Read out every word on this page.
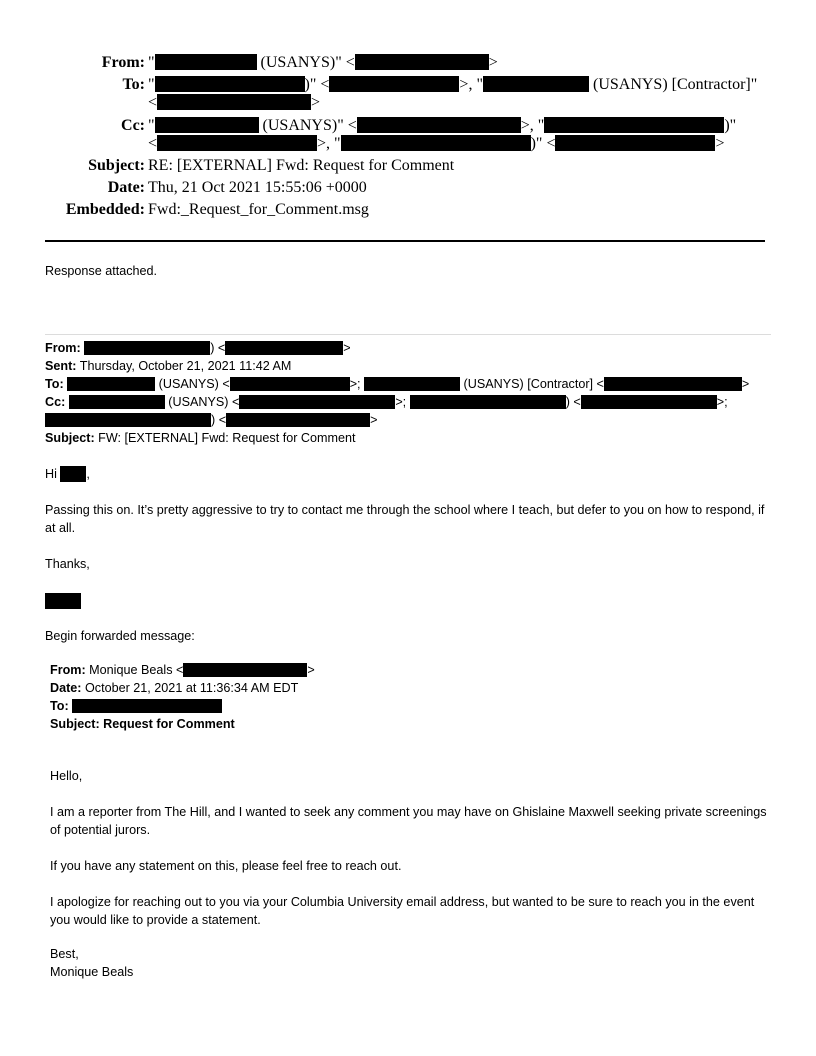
From: "	(USANYS)" <	>
To: "	)" <	>, "	(USANYS) [Contractor]"
<	>
Cc: "	(USANYS)" <	>, "	)"
<	>, "	)" <	>
Subject: RE: [EXTERNAL] Fwd: Request for Comment
Date: Thu, 21 Oct 2021 15:55:06 +0000
Embedded: Fwd:_Request_for_Comment.msg
Response attached.
From:	) <	>
Sent: Thursday, October 21, 2021 11:42 AM
To:	(USANYS) <	>;	(USANYS) [Contractor] <	>
Cc:	(USANYS) <	>;	) <	>;
) <	>
Subject: FW: [EXTERNAL] Fwd: Request for Comment
Hi ,

Passing this on. It’s pretty aggressive to try to contact me through the school where I teach, but defer to you on how to respond, if at all.

Thanks,
Begin forwarded message:
From: Monique Beals <	>
Date: October 21, 2021 at 11:36:34 AM EDT
To:
Subject: Request for Comment
Hello,

I am a reporter from The Hill, and I wanted to seek any comment you may have on Ghislaine Maxwell seeking private screenings of potential jurors.

If you have any statement on this, please feel free to reach out.

I apologize for reaching out to you via your Columbia University email address, but wanted to be sure to reach you in the event you would like to provide a statement.

Best,
Monique Beals
